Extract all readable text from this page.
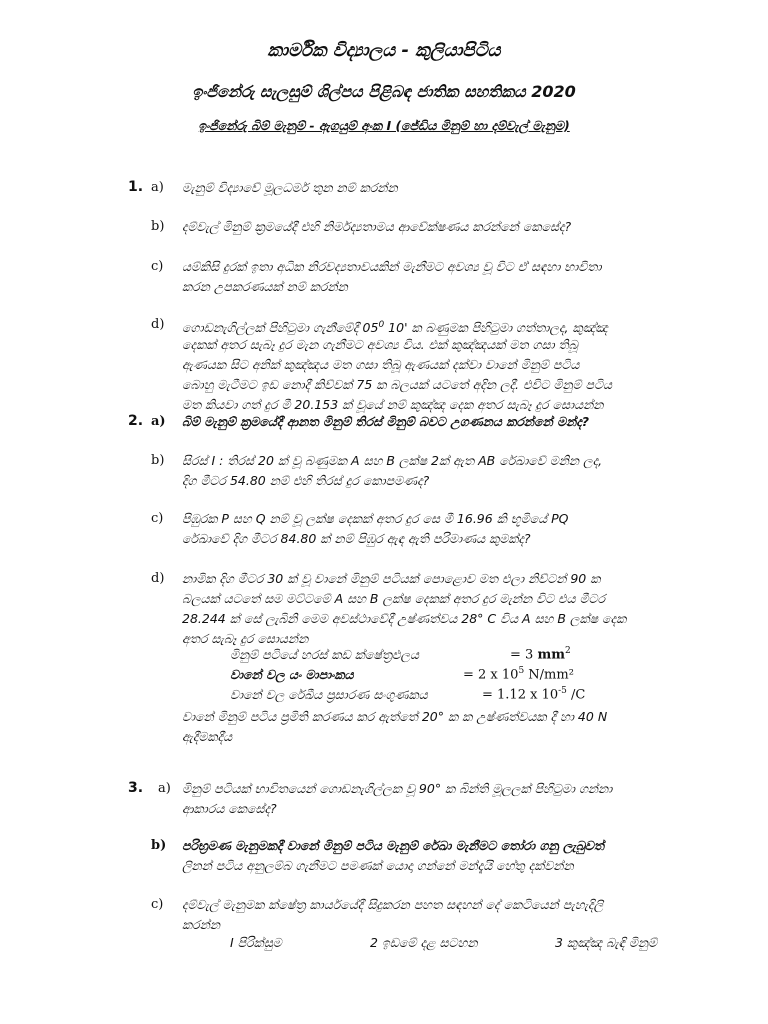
කාර්මික විද්‍යාලය - කුලියාපිටිය
ඉංජිනේරු සැලසුම් ශිල්පය පිළිබඳ ජාතික සහතිකය 2020
ඉංජිනේරු බිම් මැනුම් - ඇගයුම් අංක I (ජේඩිය මිනුම් හා දම්වැල් මැනුම)
1. a) මැනුම් විද්‍යාවේ මූලධර්ම තුන නම් කරන්න
b) දම්වැල් මිනුම් ක්‍රමයේදී එහි නිර්මද්‍යතාමය ආවේක්ෂණය කරන්නේ කෙසේද?
c) යම්කිසි දුරක් ඉතා අධික නිරවද්‍යතාවයකින් මැනීමට අවශ්‍ය වූ විට ඒ සඳහා භාවිතා
කරන උපකරණයක් නම් කරන්න
d) ගොඩනැගිල්ලක් පිහිටුමා ගැනීමේදී $05^0$ 10' ක බණුමක පිහිටුමා ගත්තාලද, කුඤ්ඤ
දෙකක් අතර සැබෑ දුර මැන ගැනීමට අවශ්‍ය විය. එක් කුඤ්ඤයක් මත ගසා තිබූ
ඇණයක සිට අනික් කුඤ්ඤය මත ගසා තිබූ ඇණයක් දක්වා වානේ මිනුම් පටිය
බොහු මැටීමට ඉඩ නොදී කිව්වක් 75 ක බලයක් යටතේ අදින ලදී. එවිට මිනුම් පටිය
මත කියවා ගත් දුර මී 20.153 ක් වූයේ නම් කුඤ්ඤ දෙක අතර සැබෑ දුර සොයන්න
2. a) බිම් මැනුම් ක්‍රමයේදී ආනත මිනුම් තිරස් මිනුම් බවට උගණනය කරන්නේ මන්ද?
b) සිරස් I : තිරස් 20 ක් වූ බණුමක A සහ B ලක්ෂ 2ක් ඇත AB රේඛාවේ මනින ලද,
දිග මීටර 54.80 නම් එහි තිරස් දුර කොපමණද?
c) පිඹුරක P සහ Q නම් වූ ලක්ෂ දෙකක් අතර දුර සෙ මී 16.96 කි භූමියේ PQ
රේඛාවේ දිග මීටර 84.80 ක් නම් පිඹුර ඇඳ ඇති පරිමාණය කුමක්ද?
d) නාමික දිග මීටර 30 ක් වූ වානේ මිනුම් පටියක් පොළොව මත එලා නිව්ටන් 90 ක
බලයක් යටතේ සම මට්ටමේ A සහ B ලක්ෂ දෙකක් අතර දුර මැන්න විට එය මීටර
28.244 ක් සේ ලැබිනි මෙම අවස්ථාවේදී උෂ්ණත්වය 28° C විය A සහ B ලක්ෂ දෙක
අතර සැබෑ දුර සොයන්න
මිනුම් පටියේ හරස් කඩ ක්ෂේත්‍රඵලය	= 3 $mm^2$
වානේ වල යං මාපාංකය	= 2 x $10^5$ N/mm²
වානේ වල රේඛීය ප්‍රසාරණ සංගුණකය	= 1.12 x $10^{-5}$ /C
වානේ මිනුම් පටිය ප්‍රමිති කරණය කර ඇත්තේ 20° ක ක උෂ්ණත්වයක දී හා 40 N
ඇදීමකදීය
3. a) මිනුම් පටියක් භාවිතයෙන් ගොඩනැගිල්ලක වූ 90° ක බින්ති මූලලක් පිහිටුමා ගන්නා
ආකාරය කෙසේද?
b) පරිභ්‍රමණ මැනුමකදී වානේ මිනුම් පටිය මැනුම් රේඛා මැනීමට තෝරා ගනු ලැබුවත්
ලිනන් පටිය අනුලම්බ ගැනීමට පමණක් යොදා ගන්නේ මන්දැයි හේතු දක්වන්න
c) දම්වැල් මැනුමක ක්ෂේත්‍ර කාර්යයේදී සිදුකරන පහත සඳහන් දේ කෙටියෙන් පැහැදිලි
කරන්න
I පිරික්සුම	2 ඉඩමේ දළ සටහන	3 කුඤ්ඤ බැඳි මිනුම්
